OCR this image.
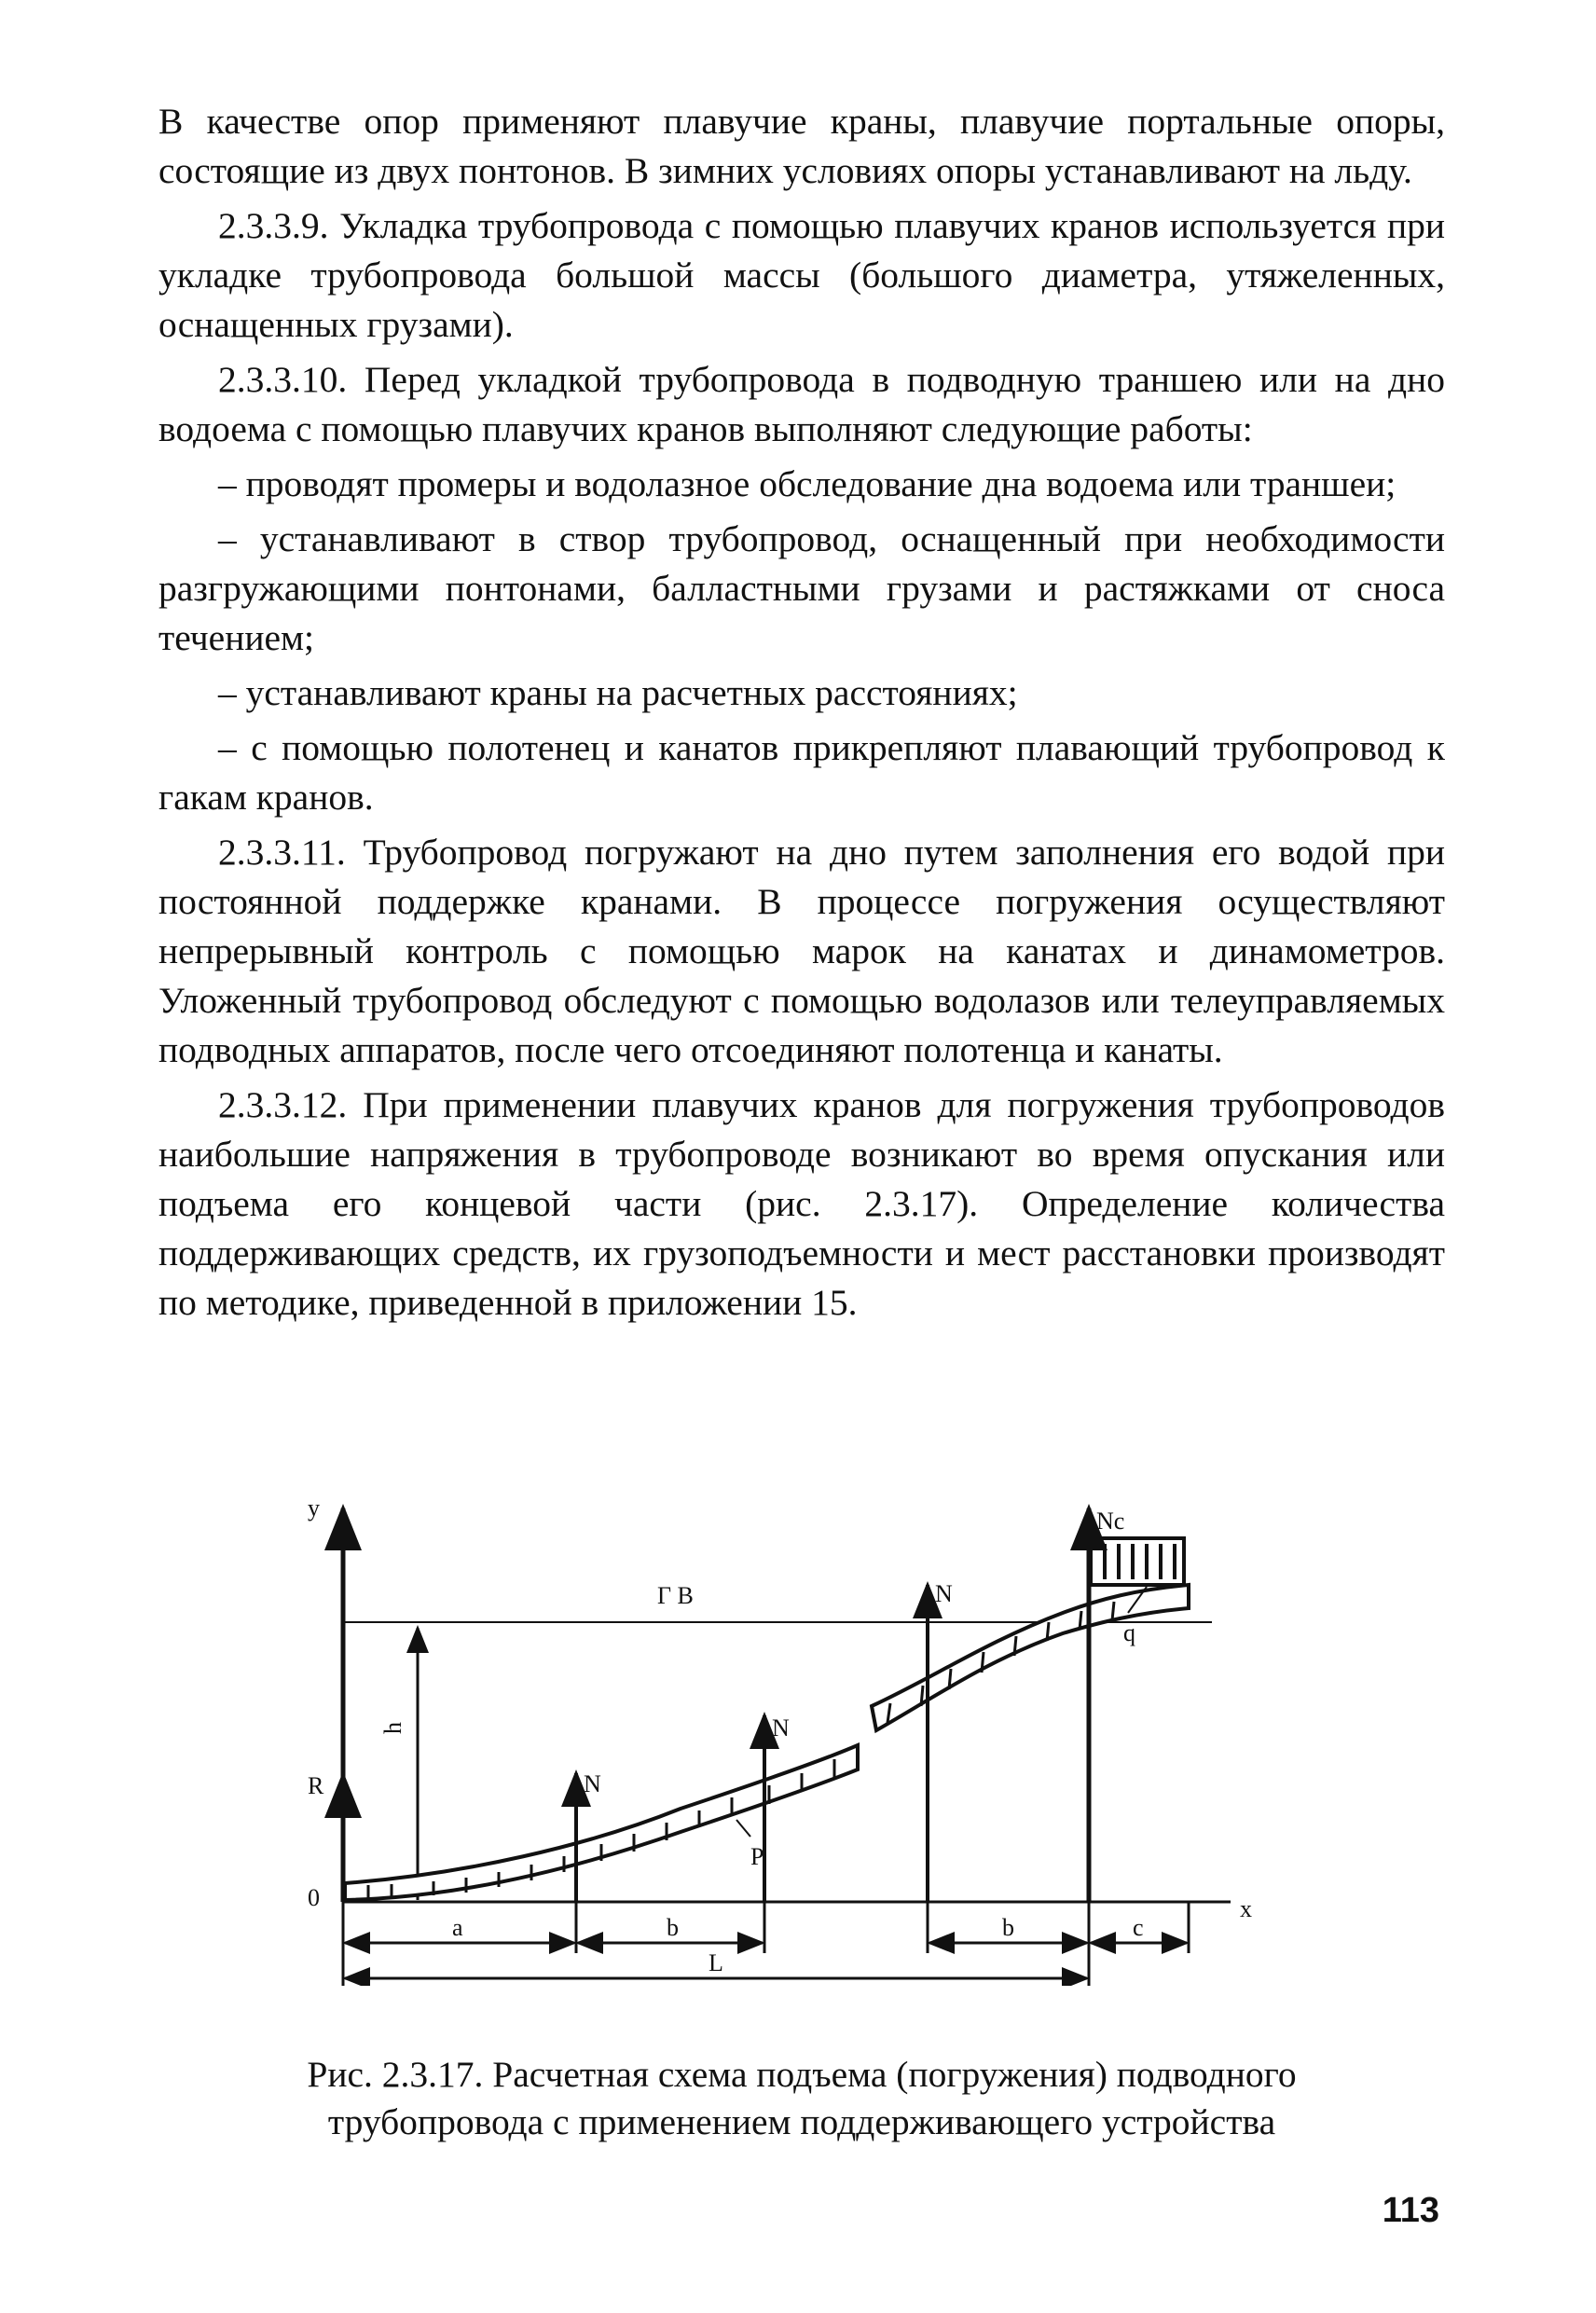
В качестве опор применяют плавучие краны, плавучие портальные опоры, состоящие из двух понтонов. В зимних условиях опоры устанавливают на льду.

2.3.3.9. Укладка трубопровода с помощью плавучих кранов используется при укладке трубопровода большой массы (большого диаметра, утяжеленных, оснащенных грузами).

2.3.3.10. Перед укладкой трубопровода в подводную траншею или на дно водоема с помощью плавучих кранов выполняют следующие работы:

– проводят промеры и водолазное обследование дна водоема или траншеи;

– устанавливают в створ трубопровод, оснащенный при необходимости разгружающими понтонами, балластными грузами и растяжками от сноса течением;

– устанавливают краны на расчетных расстояниях;

– с помощью полотенец и канатов прикрепляют плавающий трубопровод к гакам кранов.

2.3.3.11. Трубопровод погружают на дно путем заполнения его водой при постоянной поддержке кранами. В процессе погружения осуществляют непрерывный контроль с помощью марок на канатах и динамометров. Уложенный трубопровод обследуют с помощью водолазов или телеуправляемых подводных аппаратов, после чего отсоединяют полотенца и канаты.

2.3.3.12. При применении плавучих кранов для погружения трубопроводов наибольшие напряжения в трубопроводе возникают во время опускания или подъема его концевой части (рис. 2.3.17). Определение количества поддерживающих средств, их грузоподъемности и мест расстановки производят по методике, приведенной в приложении 15.

y
x
0
R
Г В
h
N
N
N
Nc
P
q
a	b	b	c
L
Рис. 2.3.17. Расчетная схема подъема (погружения) подводного
трубопровода с применением поддерживающего устройства
113
